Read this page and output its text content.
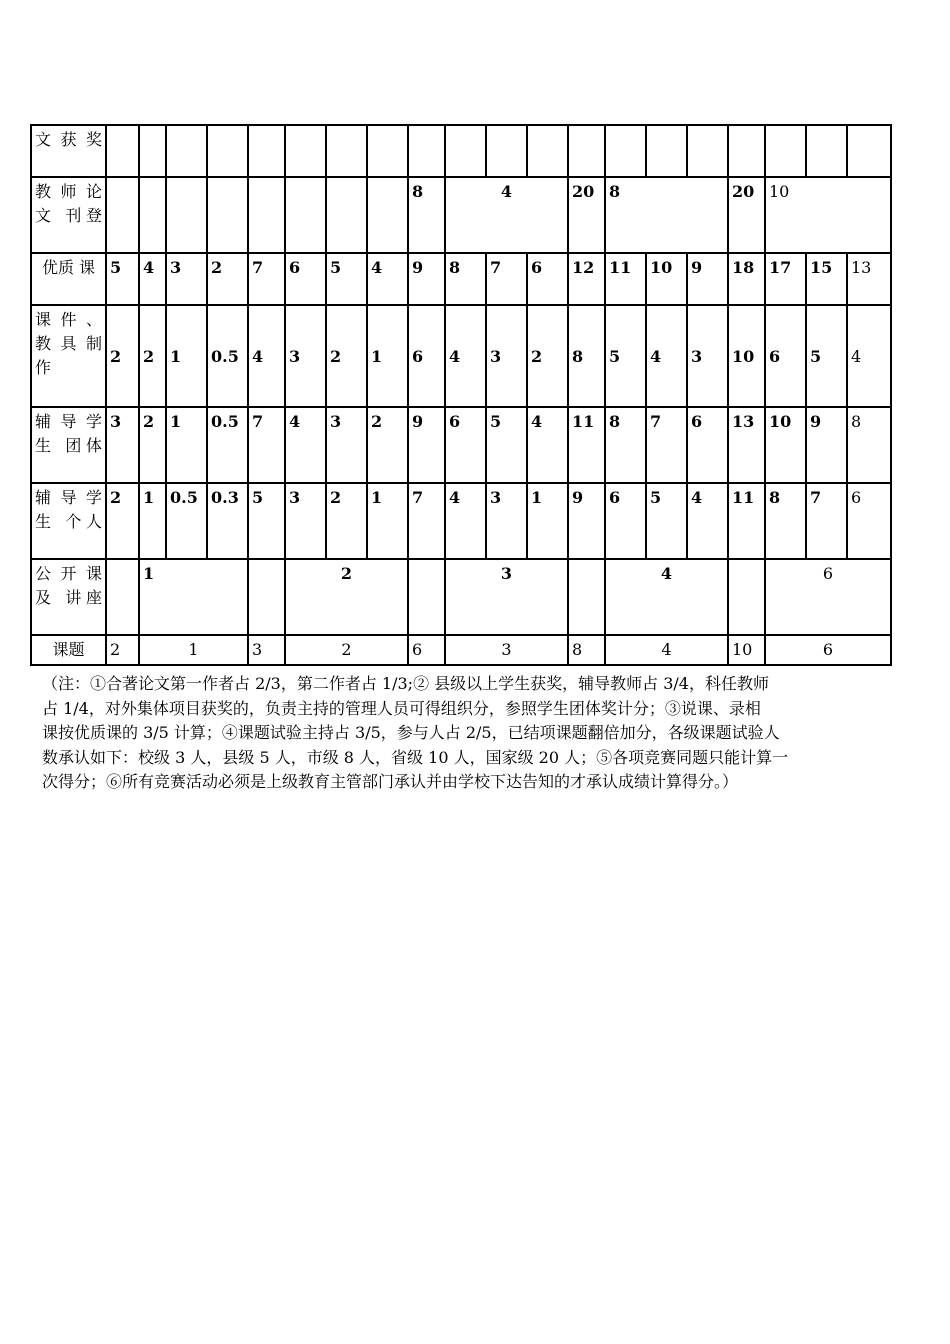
文 获 奖																				
教 师 论 文 刊登									8	4			20	8			20	10		
优质 课	5	4	3	2	7	6	5	4	9	8	7	6	12	11	10	9	18	17	15	13
课 件 、 教 具 制作	2	2	1	0.5	4	3	2	1	6	4	3	2	8	5	4	3	10	6	5	4
辅 导 学 生 团体	3	2	1	0.5	7	4	3	2	9	6	5	4	11	8	7	6	13	10	9	8
辅 导 学 生 个人	2	1	0.5	0.3	5	3	2	1	7	4	3	1	9	6	5	4	11	8	7	6
公 开 课 及 讲座		1				2				3				4				6		
课题	2	1			3	2			6	3			8	4			10	6		
（注：①合著论文第一作者占 2/3，第二作者占 1/3;② 县级以上学生获奖，辅导教师占 3/4，科任教师
占 1/4，对外集体项目获奖的，负责主持的管理人员可得组织分，参照学生团体奖计分；③说课、录相
课按优质课的 3/5 计算；④课题试验主持占 3/5，参与人占 2/5，已结项课题翻倍加分，各级课题试验人
数承认如下：校级 3 人，县级 5 人，市级 8 人，省级 10 人，国家级 20 人；⑤各项竞赛同题只能计算一
次得分；⑥所有竞赛活动必须是上级教育主管部门承认并由学校下达告知的才承认成绩计算得分。）
